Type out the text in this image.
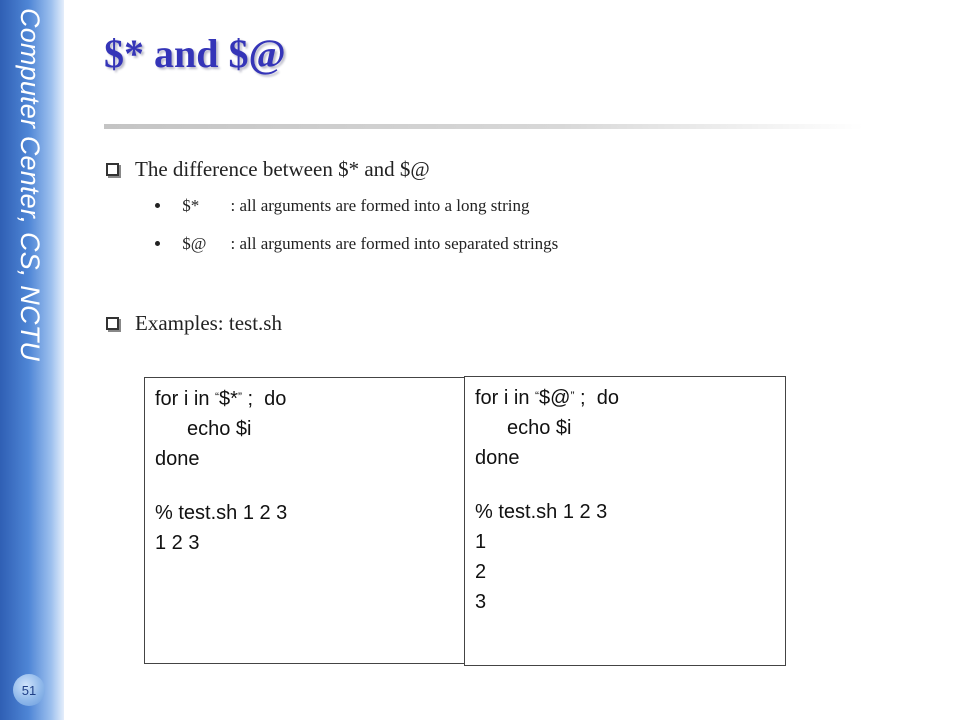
Computer Center, CS, NCTU
51
$* and $@
The difference between $* and $@
$* : all arguments are formed into a long string
$@ : all arguments are formed into separated strings
Examples: test.sh
for i in “$*” ;  do
echo $i
done
% test.sh 1 2 3
1 2 3
for i in “$@” ;  do
echo $i
done
% test.sh 1 2 3
1
2
3
